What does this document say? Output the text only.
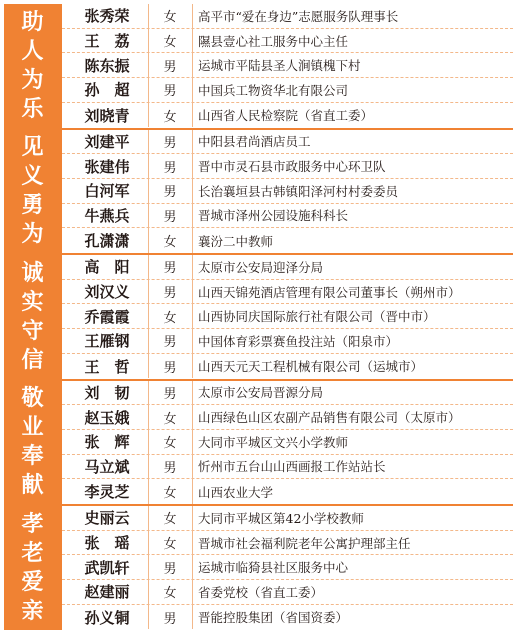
助人为乐
张秀荣	女	高平市“爱在身边”志愿服务队理事长
王　荔	女	隰县壹心社工服务中心主任
陈东振	男	运城市平陆县圣人涧镇槐下村
孙　超	男	中国兵工物资华北有限公司
刘晓青	女	山西省人民检察院（省直工委）
见义勇为
刘建平	男	中阳县君尚酒店员工
张建伟	男	晋中市灵石县市政服务中心环卫队
白河军	男	长治襄垣县古韩镇阳泽河村村委委员
牛燕兵	男	晋城市泽州公园设施科科长
孔潇潇	女	襄汾二中教师
诚实守信
高　阳	男	太原市公安局迎泽分局
刘汉义	男	山西天锦苑酒店管理有限公司董事长（朔州市）
乔霞霞	女	山西协同庆国际旅行社有限公司（晋中市）
王雁钢	男	中国体育彩票赛鱼投注站（阳泉市）
王　哲	男	山西天元天工程机械有限公司（运城市）
敬业奉献
刘　韧	男	太原市公安局晋源分局
赵玉娥	女	山西绿色山区农副产品销售有限公司（太原市）
张　辉	女	大同市平城区文兴小学教师
马立斌	男	忻州市五台山山西画报工作站站长
李灵芝	女	山西农业大学
孝老爱亲
史丽云	女	大同市平城区第42小学校教师
张　瑶	女	晋城市社会福利院老年公寓护理部主任
武凯轩	男	运城市临猗县社区服务中心
赵建丽	女	省委党校（省直工委）
孙义铜	男	晋能控股集团（省国资委）
